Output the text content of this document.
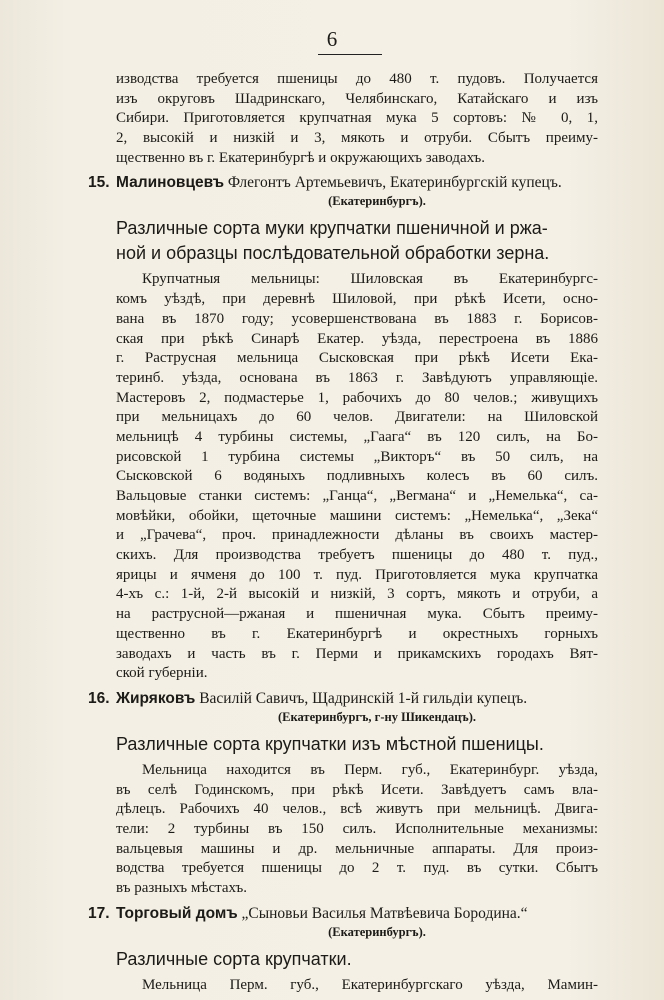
6
изводства требуется пшеницы до 480 т. пудовъ. Получается
изъ округовъ Шадринскаго, Челябинскаго, Катайскаго и изъ
Сибири. Приготовляется крупчатная мука 5 сортовъ: № 0, 1,
2, высокій и низкій и 3, мякоть и отруби. Сбытъ преиму-
щественно въ г. Екатеринбургѣ и окружающихъ заводахъ.
15. Малиновцевъ Флегонтъ Артемьевичъ, Екатеринбургскій купецъ.
(Екатеринбургъ).
Различные сорта муки крупчатки пшеничной и ржа-
ной и образцы послѣдовательной обработки зерна.
Крупчатныя мельницы: Шиловская въ Екатеринбургс-
комъ уѣздѣ, при деревнѣ Шиловой, при рѣкѣ Исети, осно-
вана въ 1870 году; усовершенствована въ 1883 г. Борисов-
ская при рѣкѣ Синарѣ Екатер. уѣзда, перестроена въ 1886
г. Раструсная мельница Сысковская при рѣкѣ Исети Ека-
теринб. уѣзда, основана въ 1863 г. Завѣдуютъ управляющіе.
Мастеровъ 2, подмастерье 1, рабочихъ до 80 челов.; живущихъ
при мельницахъ до 60 челов. Двигатели: на Шиловской
мельницѣ 4 турбины системы, „Гаага“ въ 120 силъ, на Бо-
рисовской 1 турбина системы „Викторъ“ въ 50 силъ, на
Сысковской 6 водяныхъ подливныхъ колесъ въ 60 силъ.
Вальцовые станки системъ: „Ганца“, „Вегмана“ и „Немелька“, са-
мовѣйки, обойки, щеточные машини системъ: „Немелька“, „Зека“
и „Грачева“, проч. принадлежности дѣланы въ своихъ мастер-
скихъ. Для производства требуетъ пшеницы до 480 т. пуд.,
ярицы и ячменя до 100 т. пуд. Приготовляется мука крупчатка
4-хъ с.: 1-й, 2-й высокій и низкій, 3 сортъ, мякоть и отруби, а
на раструсной—ржаная и пшеничная мука. Сбытъ преиму-
щественно въ г. Екатеринбургѣ и окрестныхъ горныхъ
заводахъ и часть въ г. Перми и прикамскихъ городахъ Вят-
ской губерніи.
16. Жиряковъ Василій Савичъ, Щадринскій 1-й гильдіи купецъ.
(Екатеринбургъ, г-ну Шикендацъ).
Различные сорта крупчатки изъ мѣстной пшеницы.
Мельница находится въ Перм. губ., Екатеринбург. уѣзда,
въ селѣ Годинскомъ, при рѣкѣ Исети. Завѣдуетъ самъ вла-
дѣлецъ. Рабочихъ 40 челов., всѣ живутъ при мельницѣ. Двига-
тели: 2 турбины въ 150 силъ. Исполнительные механизмы:
вальцевыя машины и др. мельничные аппараты. Для произ-
водства требуется пшеницы до 2 т. пуд. въ сутки. Сбытъ
въ разныхъ мѣстахъ.
17. Торговый домъ „Сыновьи Василья Матвѣевича Бородина.“
(Екатеринбургъ).
Различные сорта крупчатки.
Мельница Перм. губ., Екатеринбургскаго уѣзда, Мамин-
